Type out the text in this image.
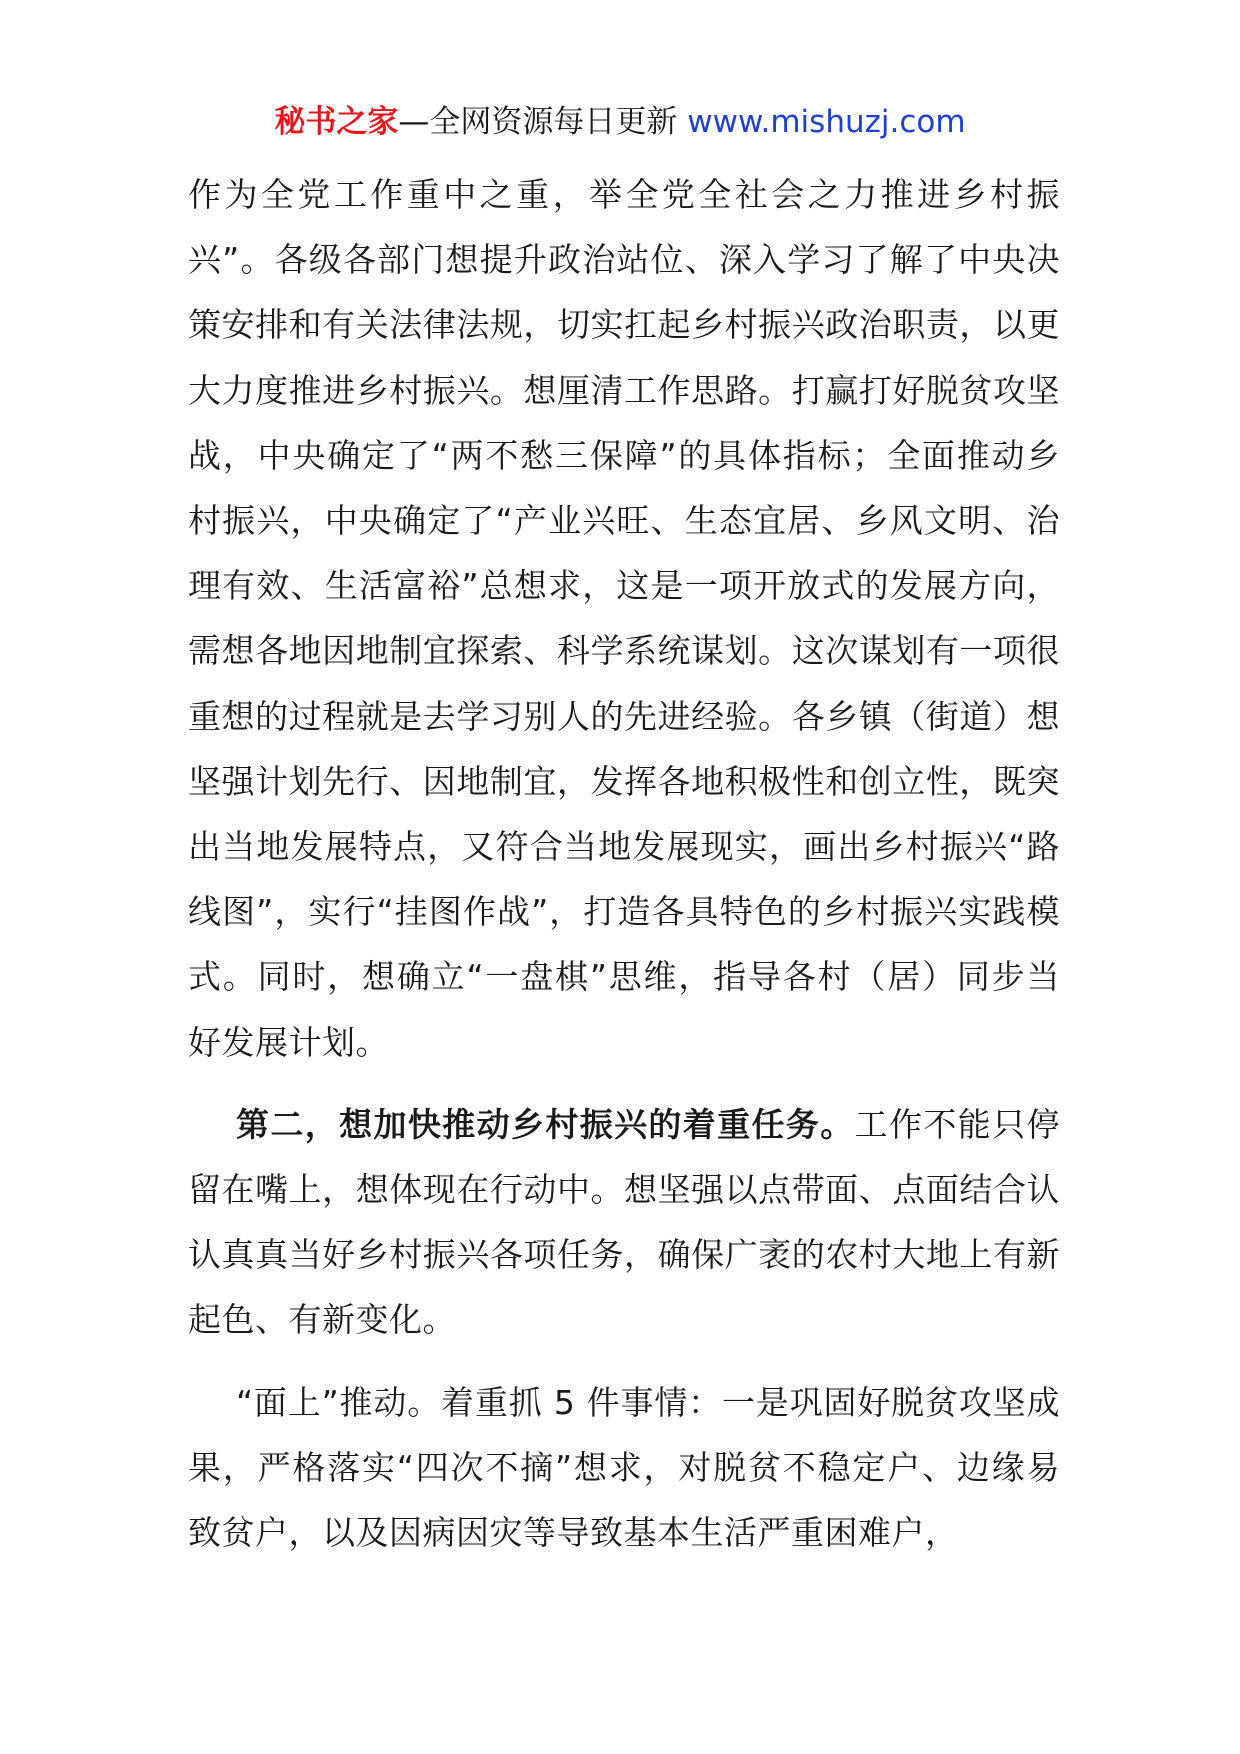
秘书之家—全网资源每日更新 www.mishuzj.com

作为全党工作重中之重，举全党全社会之力推进乡村振兴”。各级各部门想提升政治站位、深入学习了解了中央决策安排和有关法律法规，切实扛起乡村振兴政治职责，以更大力度推进乡村振兴。想厘清工作思路。打赢打好脱贫攻坚战，中央确定了“两不愁三保障”的具体指标；全面推动乡村振兴，中央确定了“产业兴旺、生态宜居、乡风文明、治理有效、生活富裕”总想求，这是一项开放式的发展方向，需想各地因地制宜探索、科学系统谋划。这次谋划有一项很重想的过程就是去学习别人的先进经验。各乡镇（街道）想坚强计划先行、因地制宜，发挥各地积极性和创立性，既突出当地发展特点，又符合当地发展现实，画出乡村振兴“路线图”，实行“挂图作战”，打造各具特色的乡村振兴实践模式。同时，想确立“一盘棋”思维，指导各村（居）同步当好发展计划。

第二，想加快推动乡村振兴的着重任务。工作不能只停留在嘴上，想体现在行动中。想坚强以点带面、点面结合认认真真当好乡村振兴各项任务，确保广袤的农村大地上有新起色、有新变化。

“面上”推动。着重抓 5 件事情：一是巩固好脱贫攻坚成果，严格落实“四次不摘”想求，对脱贫不稳定户、边缘易致贫户，以及因病因灾等导致基本生活严重困难户，
